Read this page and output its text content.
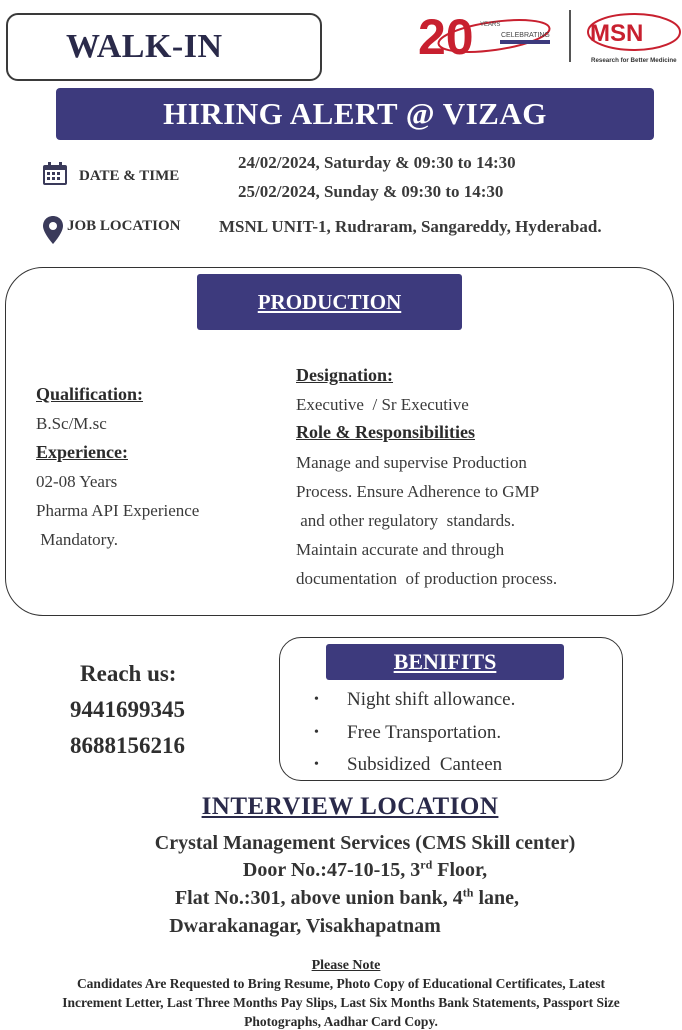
WALK-IN	20 YEARS
CELEBRATING MSN
Research for Better Medicine
HIRING ALERT @ VIZAG
DATE & TIME
24/02/2024, Saturday & 09:30 to 14:30
25/02/2024, Sunday & 09:30 to 14:30
JOB LOCATION MSNL UNIT-1, Rudraram, Sangareddy, Hyderabad.
PRODUCTION
Qualification:
B.Sc/M.sc
Experience:
02-08 Years
Pharma API Experience
Mandatory.
Designation:
Executive  / Sr Executive
Role & Responsibilities
Manage and supervise Production
Process. Ensure Adherence to GMP
and other regulatory  standards.
Maintain accurate and through
documentation  of production process.
Reach us:
9441699345
8688156216
BENIFITS
• Night shift allowance.
• Free Transportation.
• Subsidized  Canteen
INTERVIEW LOCATION
Crystal Management Services (CMS Skill center)
Door No.:47-10-15, 3rd Floor,
Flat No.:301, above union bank, 4th lane,
Dwarakanagar, Visakhapatnam
Please Note
Candidates Are Requested to Bring Resume, Photo Copy of Educational Certificates, Latest
Increment Letter, Last Three Months Pay Slips, Last Six Months Bank Statements, Passport Size
Photographs, Aadhar Card Copy.
